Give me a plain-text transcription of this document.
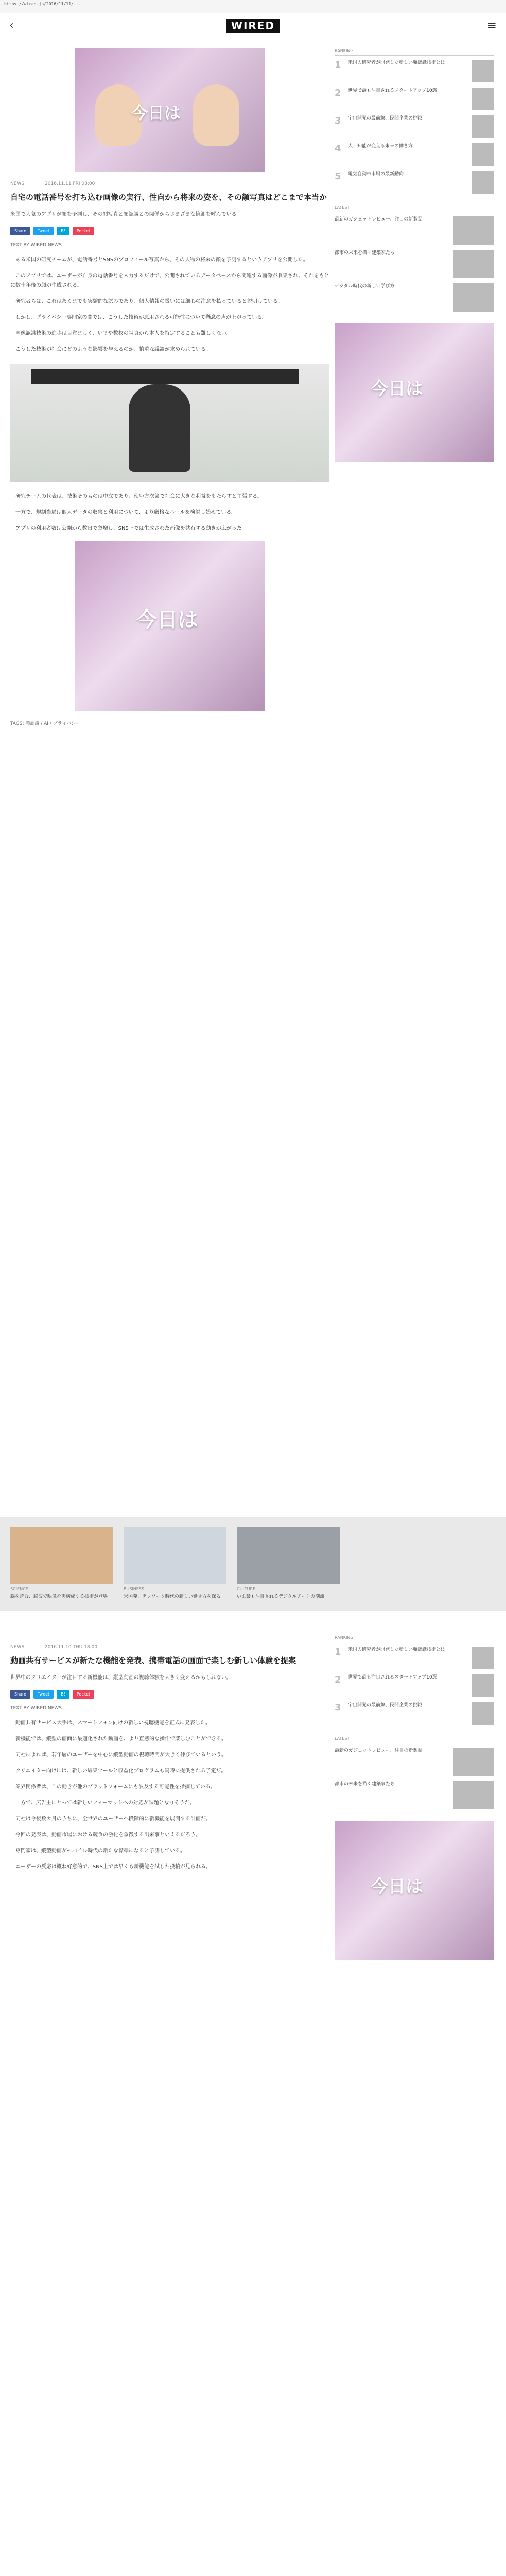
https://wired.jp/2016/11/11/...
‹	WIRED	≡
今日は
NEWS	2016.11.11 FRI 08:00
自宅の電話番号を打ち込む画像の実行、性向から将来の姿を、その顔写真はどこまで本当か

米国で人気のアプリが顔を予測し、その顔写真と顔認識との関係からさまざまな憶測を呼んでいる。

Share	Tweet	B!	Pocket
TEXT BY WIRED NEWS

ある米国の研究チームが、電話番号とSNSのプロフィール写真から、その人物の将来の顔を予測するというアプリを公開した。

このアプリでは、ユーザーが自身の電話番号を入力するだけで、公開されているデータベースから関連する画像が収集され、それをもとに数十年後の顔が生成される。

研究者らは、これはあくまでも実験的な試みであり、個人情報の扱いには細心の注意を払っていると説明している。

しかし、プライバシー専門家の間では、こうした技術が悪用される可能性について懸念の声が上がっている。

画像認識技術の進歩は目覚ましく、いまや数枚の写真から本人を特定することも難しくない。

こうした技術が社会にどのような影響を与えるのか、慎重な議論が求められている。

研究チームの代表は、技術そのものは中立であり、使い方次第で社会に大きな利益をもたらすと主張する。

一方で、規制当局は個人データの収集と利用について、より厳格なルールを検討し始めている。

アプリの利用者数は公開から数日で急増し、SNS上では生成された画像を共有する動きが広がった。

今日は
TAGS: 顔認識 / AI / プライバシー
RANKING
1	米国の研究者が開発した新しい顔認識技術とは
2	世界で最も注目されるスタートアップ10選
3	宇宙開発の最前線、民間企業の挑戦
4	人工知能が変える未来の働き方
5	電気自動車市場の最新動向
LATEST
最新のガジェットレビュー、注目の新製品
都市の未来を描く建築家たち
デジタル時代の新しい学び方
今日は
SCIENCE
脳を読む、脳波で映像を再構成する技術が登場
BUSINESS
米国発、テレワーク時代の新しい働き方を探る
CULTURE
いま最も注目されるデジタルアートの潮流
NEWS	2016.11.10 THU 18:00
動画共有サービスが新たな機能を発表、携帯電話の画面で楽しむ新しい体験を提案

世界中のクリエイターが注目する新機能は、縦型動画の視聴体験を大きく変えるかもしれない。

Share	Tweet	B!	Pocket
TEXT BY WIRED NEWS

動画共有サービス大手は、スマートフォン向けの新しい視聴機能を正式に発表した。

新機能では、縦型の画面に最適化された動画を、より直感的な操作で楽しむことができる。

同社によれば、若年層のユーザーを中心に縦型動画の視聴時間が大きく伸びているという。

クリエイター向けには、新しい編集ツールと収益化プログラムも同時に提供される予定だ。

業界関係者は、この動きが他のプラットフォームにも波及する可能性を指摘している。

一方で、広告主にとっては新しいフォーマットへの対応が課題となりそうだ。

同社は今後数カ月のうちに、全世界のユーザーへ段階的に新機能を展開する計画だ。

今回の発表は、動画市場における競争の激化を象徴する出来事といえるだろう。

専門家は、縦型動画がモバイル時代の新たな標準になると予測している。

ユーザーの反応は概ね好意的で、SNS上では早くも新機能を試した投稿が見られる。

RANKING
1	米国の研究者が開発した新しい顔認識技術とは
2	世界で最も注目されるスタートアップ10選
3	宇宙開発の最前線、民間企業の挑戦
LATEST
最新のガジェットレビュー、注目の新製品
都市の未来を描く建築家たち
今日は
